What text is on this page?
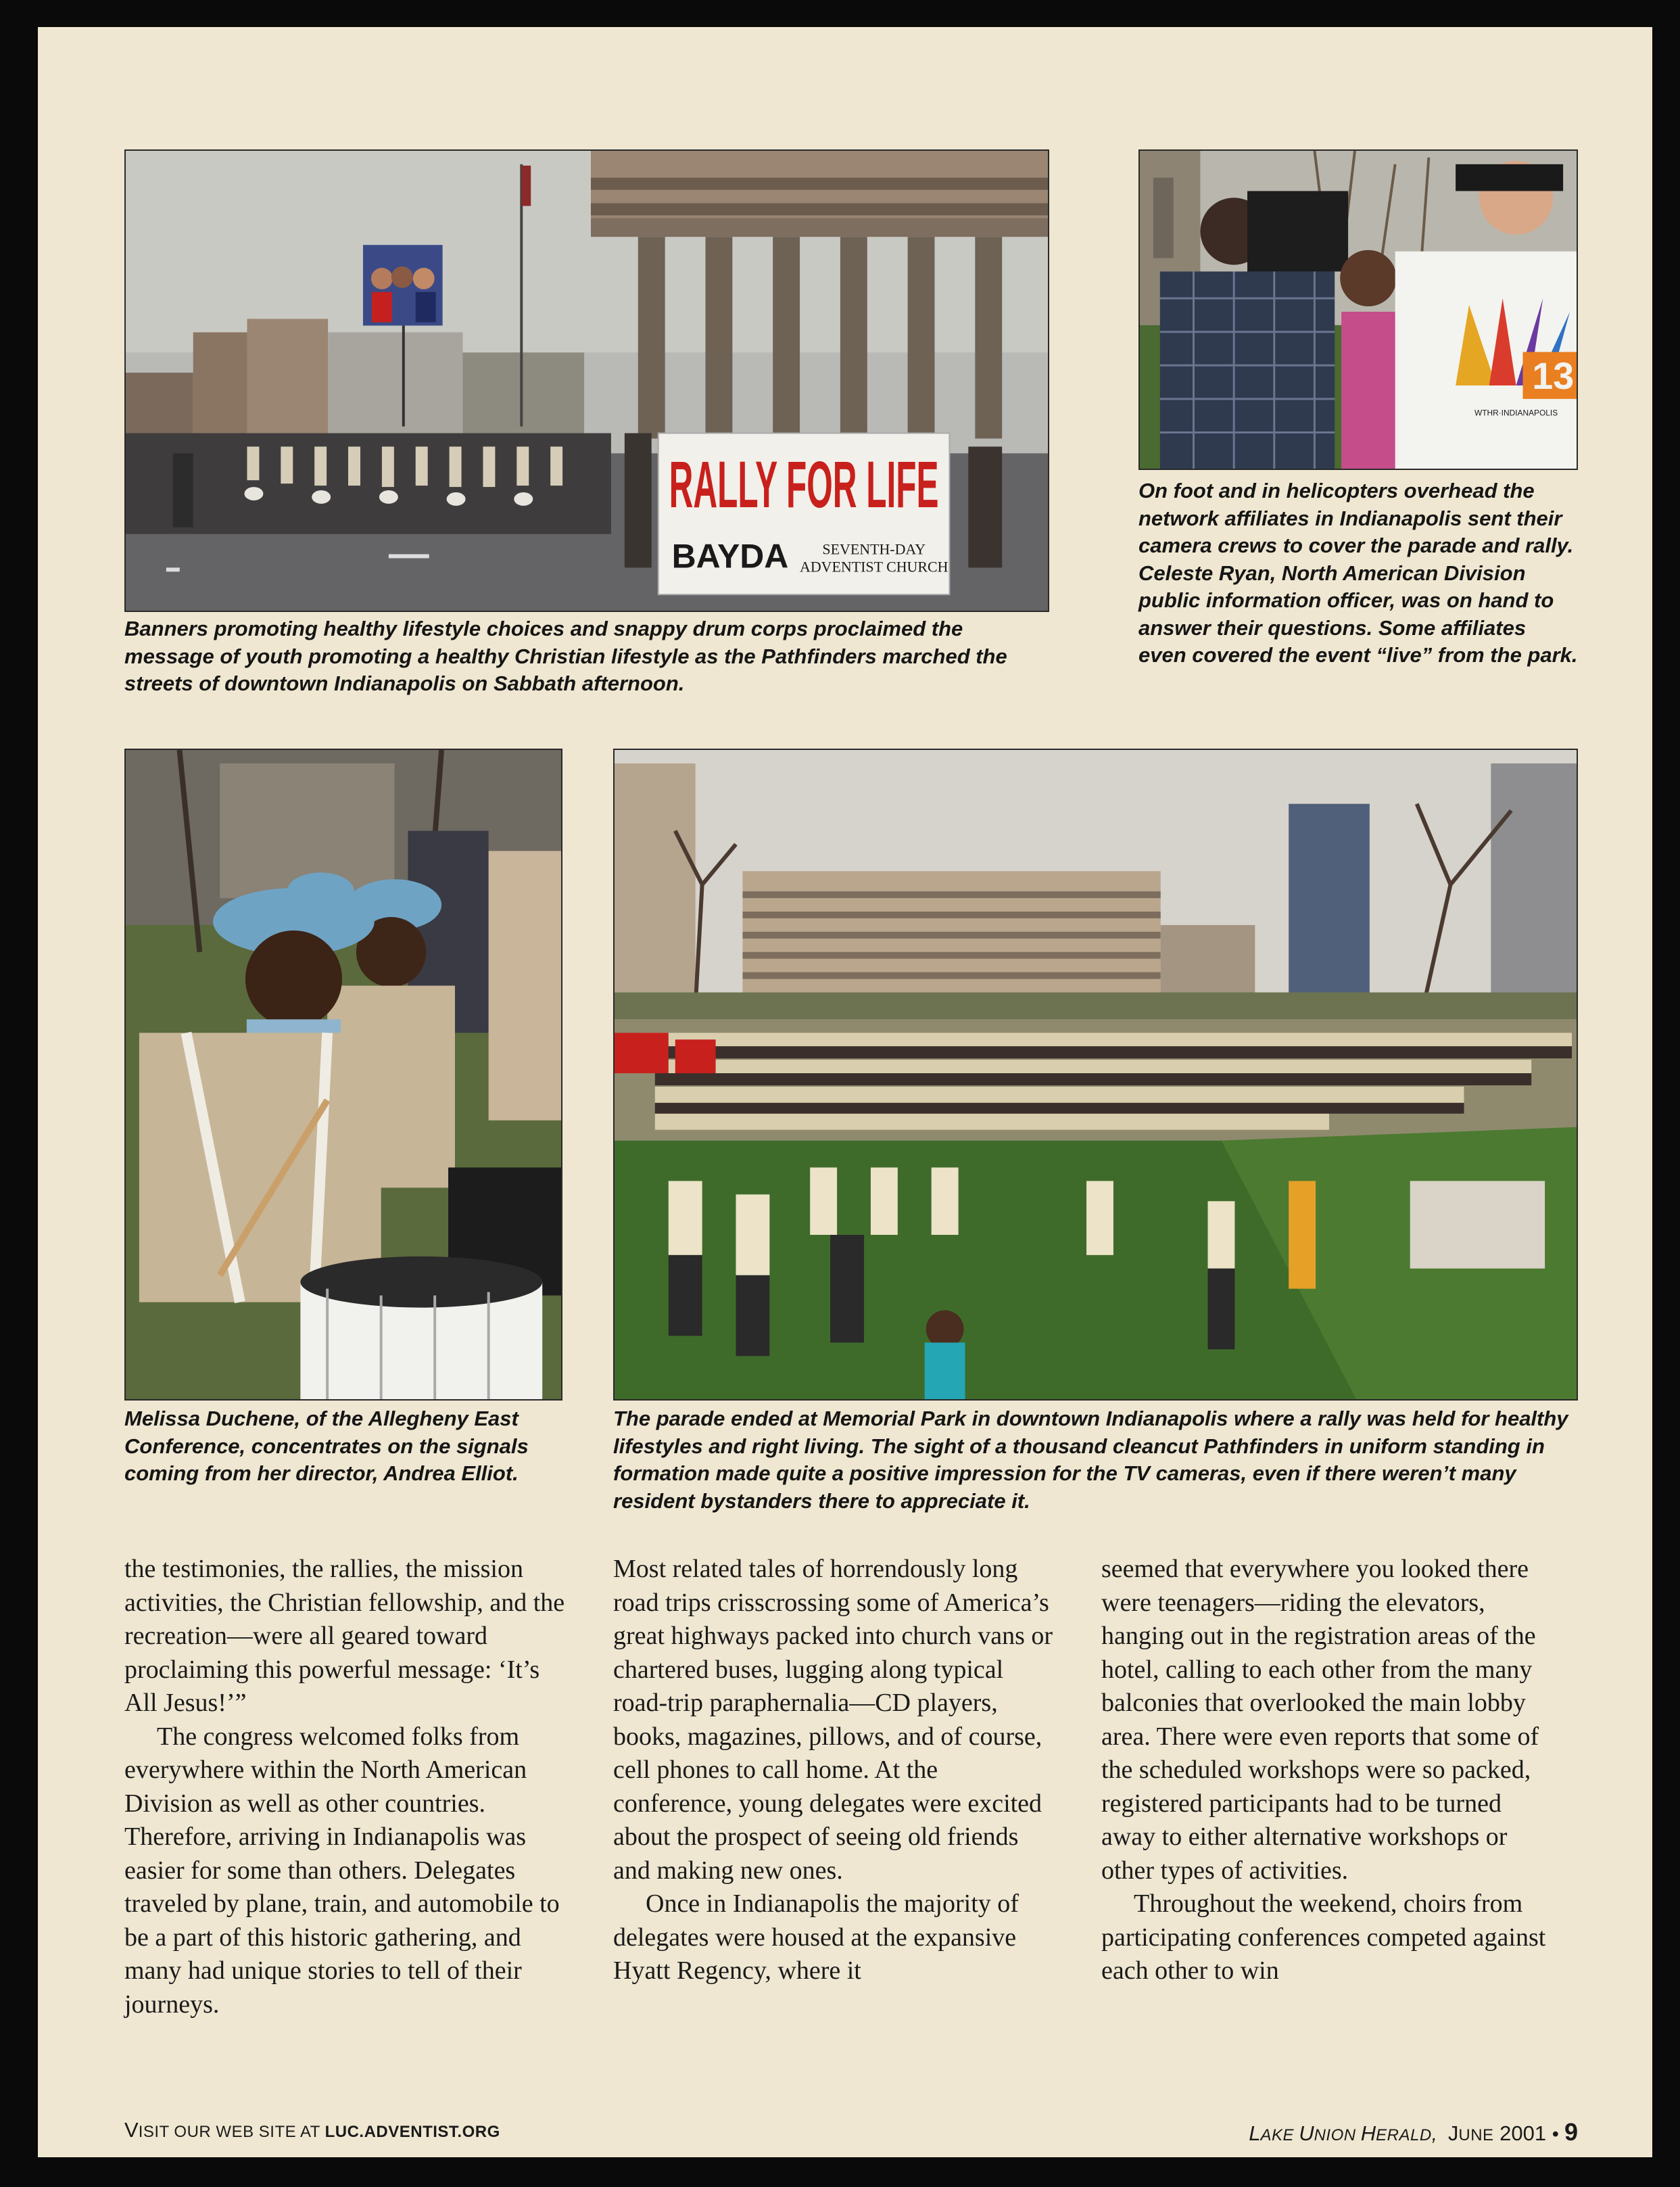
RALLY FOR LIFE
BAYDA SEVENTH-DAY
ADVENTIST CHURCH
13
WTHR·INDIANAPOLIS

Banners promoting healthy lifestyle choices and snappy drum corps proclaimed the message of youth promoting a healthy Christian lifestyle as the Pathfinders marched the streets of downtown Indianapolis on Sabbath afternoon.

On foot and in helicopters overhead the network affiliates in Indianapolis sent their camera crews to cover the parade and rally. Celeste Ryan, North American Division public information officer, was on hand to answer their questions. Some affiliates even covered the event “live” from the park.

Melissa Duchene, of the Allegheny East Conference, concentrates on the signals coming from her director, Andrea Elliot.

The parade ended at Memorial Park in downtown Indianapolis where a rally was held for healthy lifestyles and right living. The sight of a thousand cleancut Pathfinders in uniform standing in formation made quite a positive impression for the TV cameras, even if there weren’t many resident bystanders there to appreciate it.

the testimonies, the rallies, the mission activities, the Christian fellowship, and the recreation—were all geared toward proclaiming this powerful message: ‘It’s All Jesus!’”

The congress welcomed folks from everywhere within the North American Division as well as other countries. Therefore, arriving in Indianapolis was easier for some than others. Delegates traveled by plane, train, and automobile to be a part of this historic gathering, and many had unique stories to tell of their journeys.

Most related tales of horrendously long road trips crisscrossing some of America’s great highways packed into church vans or chartered buses, lugging along typical road-trip paraphernalia—CD players, books, magazines, pillows, and of course, cell phones to call home. At the conference, young delegates were excited about the prospect of seeing old friends and making new ones.

Once in Indianapolis the majority of delegates were housed at the expansive Hyatt Regency, where it

seemed that everywhere you looked there were teenagers—riding the elevators, hanging out in the registration areas of the hotel, calling to each other from the many balconies that overlooked the main lobby area. There were even reports that some of the scheduled workshops were so packed, registered participants had to be turned away to either alternative workshops or other types of activities.

Throughout the weekend, choirs from participating conferences competed against each other to win

VISIT OUR WEB SITE AT LUC.ADVENTIST.ORG	LAKE UNION HERALD, JUNE 2001 • 9
